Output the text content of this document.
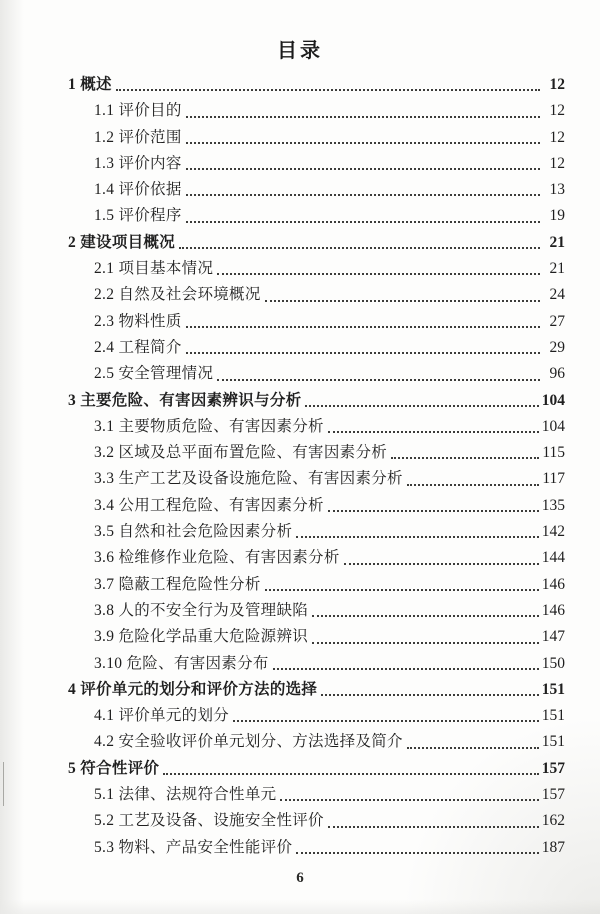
目录
1 概述	12
1.1 评价目的	12
1.2 评价范围	12
1.3 评价内容	12
1.4 评价依据	13
1.5 评价程序	19
2 建设项目概况	21
2.1 项目基本情况	21
2.2 自然及社会环境概况	24
2.3 物料性质	27
2.4 工程简介	29
2.5 安全管理情况	96
3 主要危险、有害因素辨识与分析	104
3.1 主要物质危险、有害因素分析	104
3.2 区域及总平面布置危险、有害因素分析	115
3.3 生产工艺及设备设施危险、有害因素分析	117
3.4 公用工程危险、有害因素分析	135
3.5 自然和社会危险因素分析	142
3.6 检维修作业危险、有害因素分析	144
3.7 隐蔽工程危险性分析	146
3.8 人的不安全行为及管理缺陷	146
3.9 危险化学品重大危险源辨识	147
3.10 危险、有害因素分布	150
4 评价单元的划分和评价方法的选择	151
4.1 评价单元的划分	151
4.2 安全验收评价单元划分、方法选择及简介	151
5 符合性评价	157
5.1 法律、法规符合性单元	157
5.2 工艺及设备、设施安全性评价	162
5.3 物料、产品安全性能评价	187
6
